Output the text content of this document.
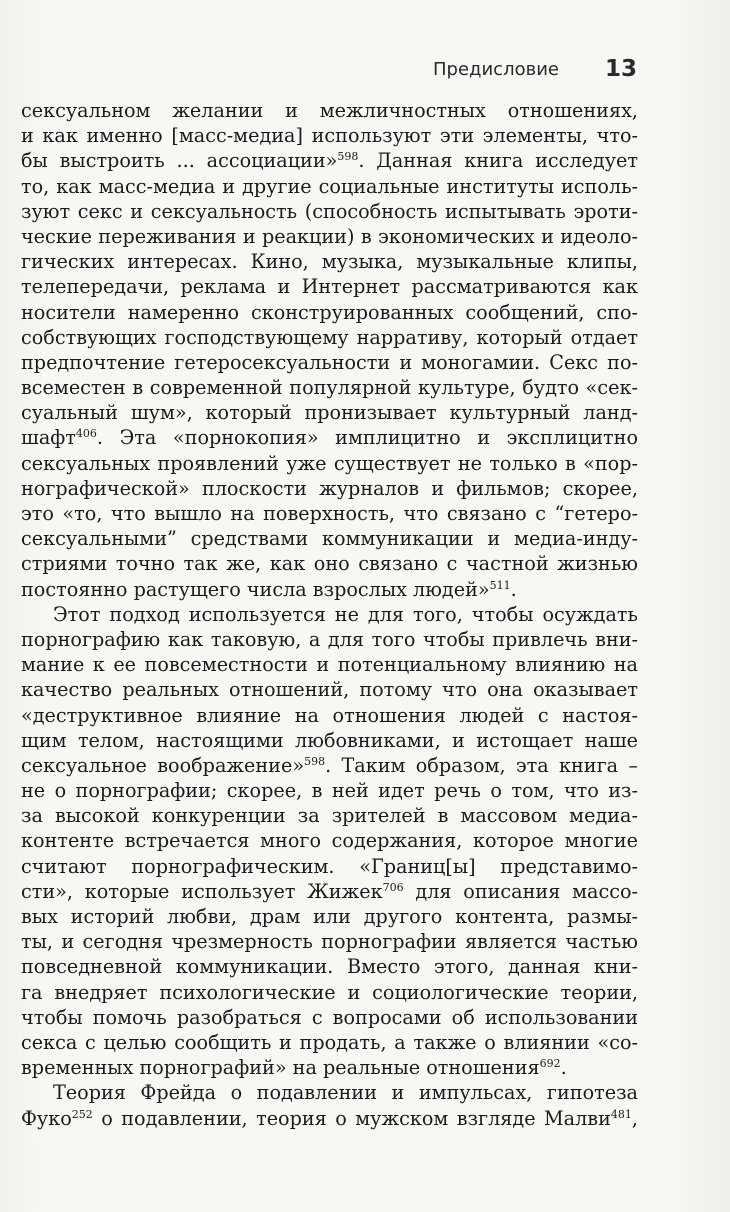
Предисловие 13
сексуальном желании и межличностных отношениях,
и как именно [масс-медиа] используют эти элементы, что-
бы выстроить ... ассоциации»$^{598}$. Данная книга исследует
то, как масс-медиа и другие социальные институты исполь-
зуют секс и сексуальность (способность испытывать эроти-
ческие переживания и реакции) в экономических и идеоло-
гических интересах. Кино, музыка, музыкальные клипы,
телепередачи, реклама и Интернет рассматриваются как
носители намеренно сконструированных сообщений, спо-
собствующих господствующему нарративу, который отдает
предпочтение гетеросексуальности и моногамии. Секс по-
всеместен в современной популярной культуре, будто «сек-
суальный шум», который пронизывает культурный ланд-
шафт$^{406}$. Эта «порнокопия» имплицитно и эксплицитно
сексуальных проявлений уже существует не только в «пор-
нографической» плоскости журналов и фильмов; скорее,
это «то, что вышло на поверхность, что связано с “гетеро-
сексуальными” средствами коммуникации и медиа-инду-
стриями точно так же, как оно связано с частной жизнью
постоянно растущего числа взрослых людей»$^{511}$.
Этот подход используется не для того, чтобы осуждать
порнографию как таковую, а для того чтобы привлечь вни-
мание к ее повсеместности и потенциальному влиянию на
качество реальных отношений, потому что она оказывает
«деструктивное влияние на отношения людей с настоя-
щим телом, настоящими любовниками, и истощает наше
сексуальное воображение»$^{598}$. Таким образом, эта книга –
не о порнографии; скорее, в ней идет речь о том, что из-
за высокой конкуренции за зрителей в массовом медиа-
контенте встречается много содержания, которое многие
считают порнографическим. «Границ[ы] представимо-
сти», которые использует Жижек$^{706}$ для описания массо-
вых историй любви, драм или другого контента, размы-
ты, и сегодня чрезмерность порнографии является частью
повседневной коммуникации. Вместо этого, данная кни-
га внедряет психологические и социологические теории,
чтобы помочь разобраться с вопросами об использовании
секса с целью сообщить и продать, а также о влиянии «со-
временных порнографий» на реальные отношения$^{692}$.
Теория Фрейда о подавлении и импульсах, гипотеза
Фуко$^{252}$ о подавлении, теория о мужском взгляде Малви$^{481}$,
